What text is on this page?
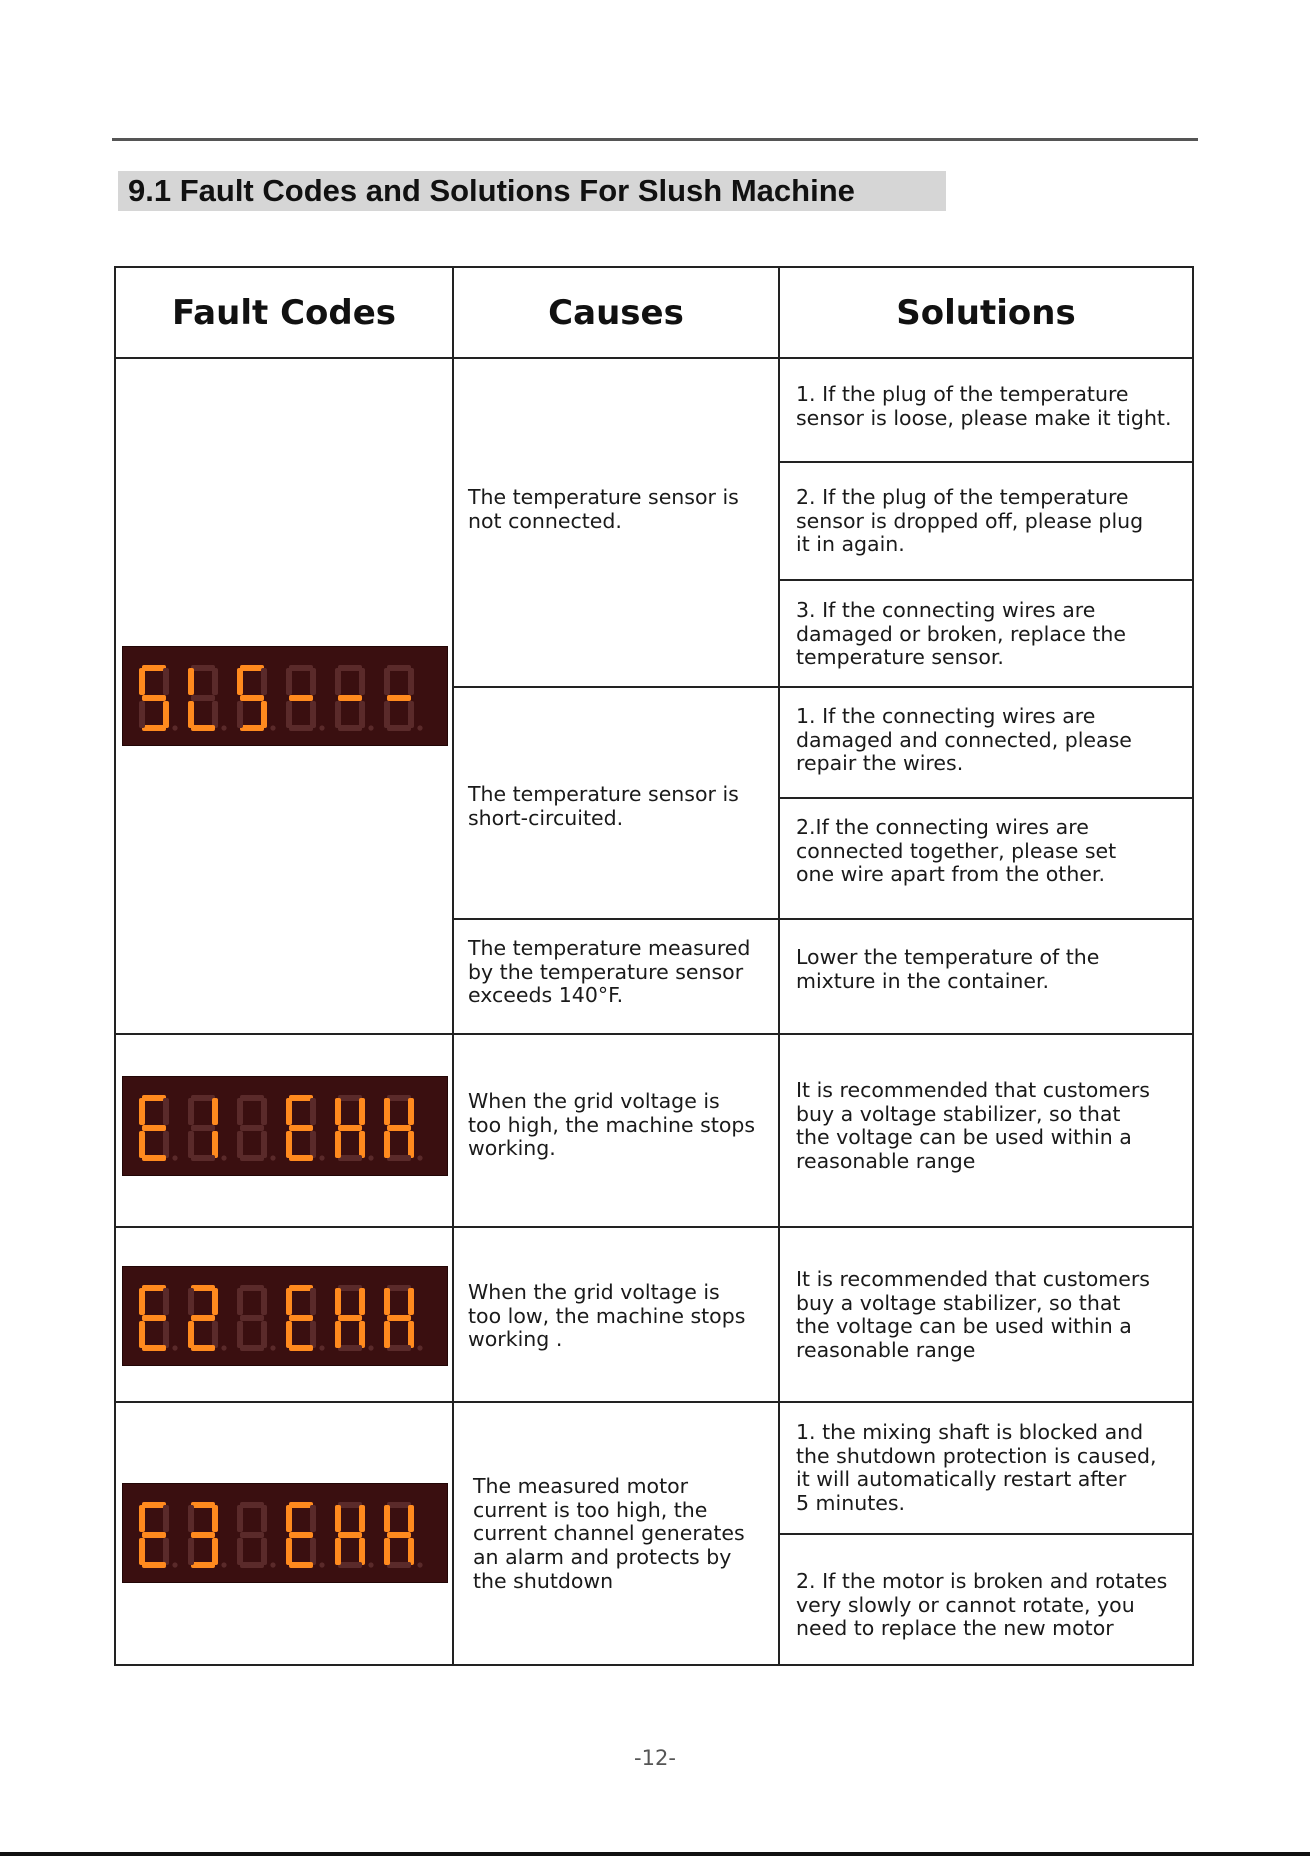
9.1 Fault Codes and Solutions For Slush Machine
Fault Codes	Causes	Solutions
The temperature sensor is
not connected.
The temperature sensor is
short-circuited.
The temperature measured
by the temperature sensor
exceeds 140°F.
When the grid voltage is
too high, the machine stops
working.
When the grid voltage is
too low, the machine stops
working .
The measured motor
current is too high, the
current channel generates
an alarm and protects by
the shutdown
1. If the plug of the temperature
sensor is loose, please make it tight.
2. If the plug of the temperature
sensor is dropped off, please plug
it in again.
3. If the connecting wires are
damaged or broken, replace the
temperature sensor.
1. If the connecting wires are
damaged and connected, please
repair the wires.
2.If the connecting wires are
connected together, please set
one wire apart from the other.
Lower the temperature of the
mixture in the container.
It is recommended that customers
buy a voltage stabilizer, so that
the voltage can be used within a
reasonable range
It is recommended that customers
buy a voltage stabilizer, so that
the voltage can be used within a
reasonable range
1. the mixing shaft is blocked and
the shutdown protection is caused,
it will automatically restart after
5 minutes.
2. If the motor is broken and rotates
very slowly or cannot rotate, you
need to replace the new motor
-12-
